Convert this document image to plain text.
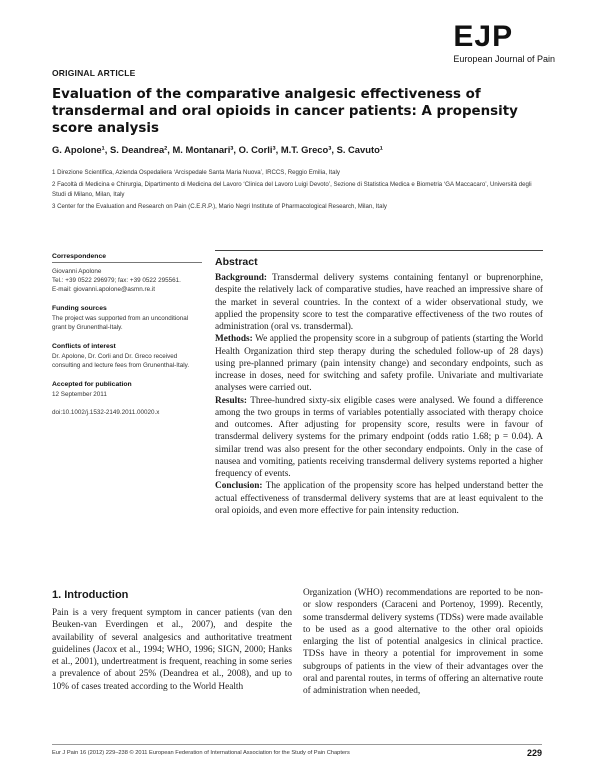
EJP
European Journal of Pain
ORIGINAL ARTICLE
Evaluation of the comparative analgesic effectiveness of transdermal and oral opioids in cancer patients: A propensity score analysis
G. Apolone¹, S. Deandrea², M. Montanari³, O. Corli³, M.T. Greco³, S. Cavuto¹
1 Direzione Scientifica, Azienda Ospedaliera ‘Arcispedale Santa Maria Nuova’, IRCCS, Reggio Emilia, Italy
2 Facoltà di Medicina e Chirurgia, Dipartimento di Medicina del Lavoro ‘Clinica del Lavoro Luigi Devoto’, Sezione di Statistica Medica e Biometria ‘GA Maccacaro’, Università degli Studi di Milano, Milan, Italy
3 Center for the Evaluation and Research on Pain (C.E.R.P.), Mario Negri Institute of Pharmacological Research, Milan, Italy
Correspondence

Giovanni Apolone

Tel.: +39 0522 296979; fax: +39 0522 295561.

E-mail: giovanni.apolone@asmn.re.it

Funding sources

The project was supported from an unconditional grant by Grunenthal-Italy.

Conflicts of interest

Dr. Apolone, Dr. Corli and Dr. Greco received consulting and lecture fees from Grunenthal-Italy.

Accepted for publication

12 September 2011

doi:10.1002/j.1532-2149.2011.00020.x

Abstract

Background: Transdermal delivery systems containing fentanyl or buprenorphine, despite the relatively lack of comparative studies, have reached an impressive share of the market in several countries. In the context of a wider observational study, we applied the propensity score to test the comparative effectiveness of the two routes of administration (oral vs. transdermal).

Methods: We applied the propensity score in a subgroup of patients (starting the World Health Organization third step therapy during the scheduled follow-up of 28 days) using pre-planned primary (pain intensity change) and secondary endpoints, such as increase in doses, need for switching and safety profile. Univariate and multivariate analyses were carried out.

Results: Three-hundred sixty-six eligible cases were analysed. We found a difference among the two groups in terms of variables potentially associated with therapy choice and outcomes. After adjusting for propensity score, results were in favour of transdermal delivery systems for the primary endpoint (odds ratio 1.68; p = 0.04). A similar trend was also present for the other secondary endpoints. Only in the case of nausea and vomiting, patients receiving transdermal delivery systems reported a higher frequency of events.

Conclusion: The application of the propensity score has helped understand better the actual effectiveness of transdermal delivery systems that are at least equivalent to the oral opioids, and even more effective for pain intensity reduction.

1. Introduction

Pain is a very frequent symptom in cancer patients (van den Beuken-van Everdingen et al., 2007), and despite the availability of several analgesics and authoritative treatment guidelines (Jacox et al., 1994; WHO, 1996; SIGN, 2000; Hanks et al., 2001), undertreatment is frequent, reaching in some series a prevalence of about 25% (Deandrea et al., 2008), and up to 10% of cases treated according to the World Health

Organization (WHO) recommendations are reported to be non- or slow responders (Caraceni and Portenoy, 1999). Recently, some transdermal delivery systems (TDSs) were made available to be used as a good alternative to the other oral opioids enlarging the list of potential analgesics in clinical practice. TDSs have in theory a potential for improvement in some subgroups of patients in the view of their advantages over the oral and parental routes, in terms of offering an alternative route of administration when needed,

Eur J Pain 16 (2012) 229–238 © 2011 European Federation of International Association for the Study of Pain Chapters	229
